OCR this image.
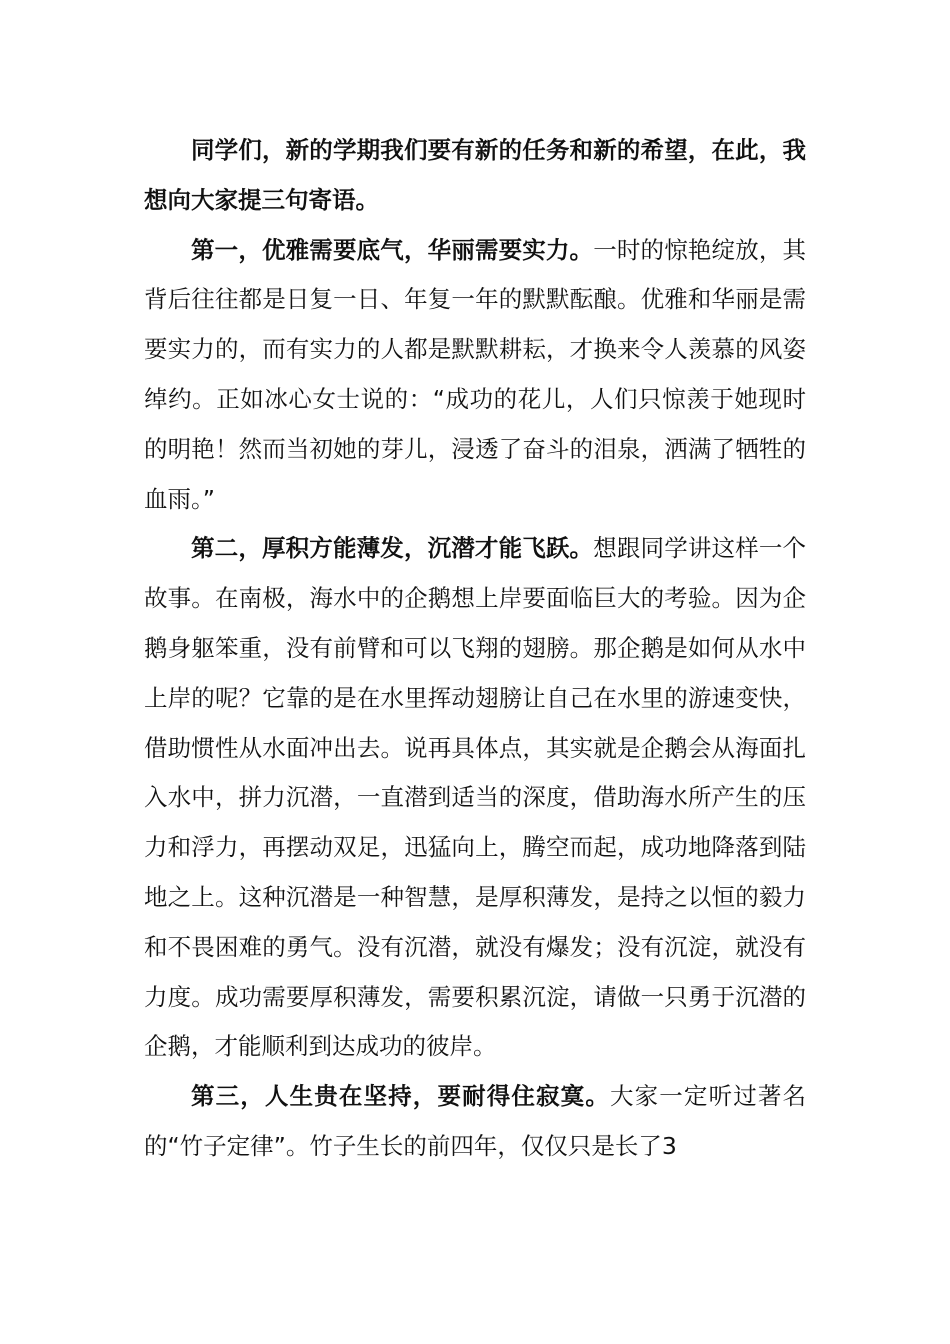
同学们，新的学期我们要有新的任务和新的希望，在此，我想向大家提三句寄语。

第一，优雅需要底气，华丽需要实力。一时的惊艳绽放，其背后往往都是日复一日、年复一年的默默酝酿。优雅和华丽是需要实力的，而有实力的人都是默默耕耘，才换来令人羡慕的风姿绰约。正如冰心女士说的：“成功的花儿，人们只惊羡于她现时的明艳！然而当初她的芽儿，浸透了奋斗的泪泉，洒满了牺牲的血雨。”

第二，厚积方能薄发，沉潜才能飞跃。想跟同学讲这样一个故事。在南极，海水中的企鹅想上岸要面临巨大的考验。因为企鹅身躯笨重，没有前臂和可以飞翔的翅膀。那企鹅是如何从水中上岸的呢？它靠的是在水里挥动翅膀让自己在水里的游速变快，借助惯性从水面冲出去。说再具体点，其实就是企鹅会从海面扎入水中，拼力沉潜，一直潜到适当的深度，借助海水所产生的压力和浮力，再摆动双足，迅猛向上，腾空而起，成功地降落到陆地之上。这种沉潜是一种智慧，是厚积薄发，是持之以恒的毅力和不畏困难的勇气。没有沉潜，就没有爆发；没有沉淀，就没有力度。成功需要厚积薄发，需要积累沉淀，请做一只勇于沉潜的企鹅，才能顺利到达成功的彼岸。

第三，人生贵在坚持，要耐得住寂寞。大家一定听过著名的“竹子定律”。竹子生长的前四年，仅仅只是长了3
